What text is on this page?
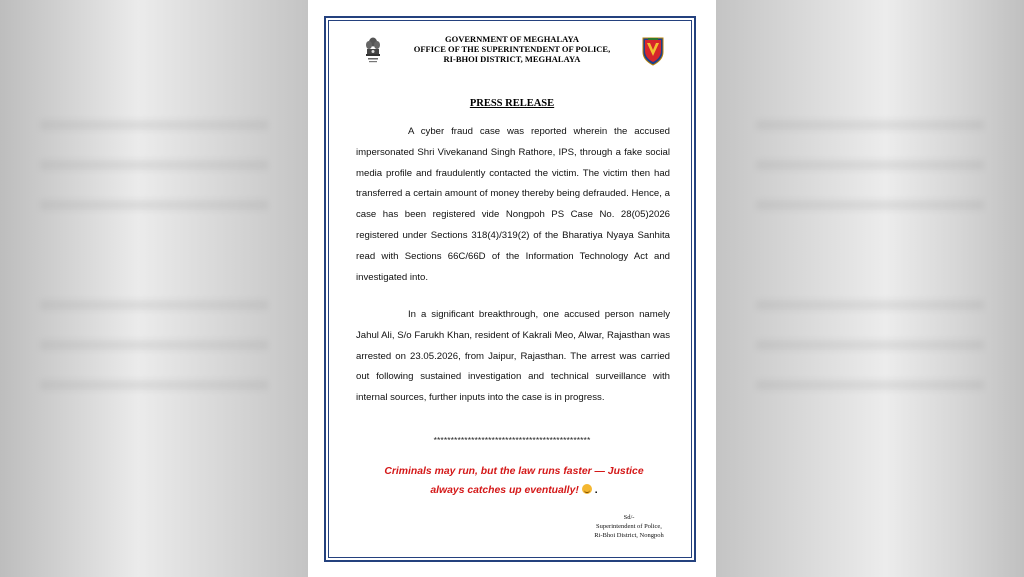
GOVERNMENT OF MEGHALAYA
OFFICE OF THE SUPERINTENDENT OF POLICE,
RI-BHOI DISTRICT, MEGHALAYA
PRESS RELEASE
A cyber fraud case was reported wherein the accused impersonated Shri Vivekanand Singh Rathore, IPS, through a fake social media profile and fraudulently contacted the victim. The victim then had transferred a certain amount of money thereby being defrauded. Hence, a case has been registered vide Nongpoh PS Case No. 28(05)2026 registered under Sections 318(4)/319(2) of the Bharatiya Nyaya Sanhita read with Sections 66C/66D of the Information Technology Act and investigated into.
In a significant breakthrough, one accused person namely Jahul Ali, S/o Farukh Khan, resident of Kakrali Meo, Alwar, Rajasthan was arrested on 23.05.2026, from Jaipur, Rajasthan. The arrest was carried out following sustained investigation and technical surveillance with internal sources, further inputs into the case is in progress.
**********************************************
Criminals may run, but the law runs faster — Justice always catches up eventually! .
Sd/-
Superintendent of Police,
Ri-Bhoi District, Nongpoh
